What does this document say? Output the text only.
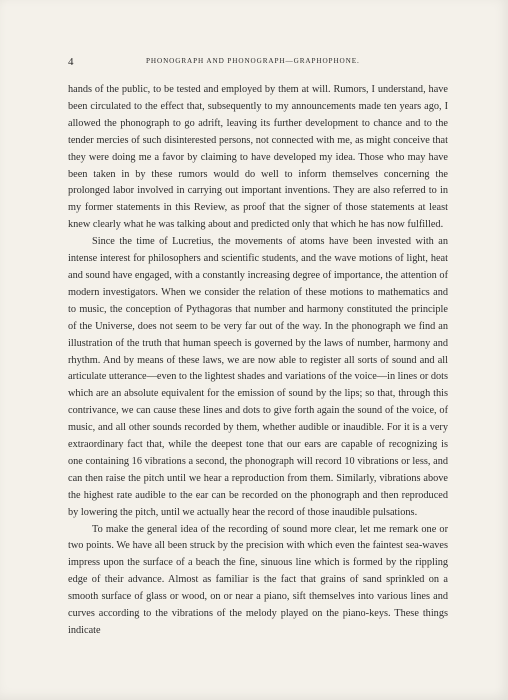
4	PHONOGRAPH AND PHONOGRAPH—GRAPHOPHONE.

hands of the public, to be tested and employed by them at will. Rumors, I understand, have been circulated to the effect that, subsequently to my announcements made ten years ago, I allowed the phonograph to go adrift, leaving its further development to chance and to the tender mercies of such disinterested persons, not connected with me, as might conceive that they were doing me a favor by claiming to have developed my idea. Those who may have been taken in by these rumors would do well to inform themselves concerning the prolonged labor involved in carrying out important inventions. They are also referred to in my former statements in this Review, as proof that the signer of those statements at least knew clearly what he was talking about and predicted only that which he has now fulfilled.

Since the time of Lucretius, the movements of atoms have been invested with an intense interest for philosophers and scientific students, and the wave motions of light, heat and sound have engaged, with a constantly increasing degree of importance, the attention of modern investigators. When we consider the relation of these motions to mathematics and to music, the conception of Pythagoras that number and harmony constituted the principle of the Universe, does not seem to be very far out of the way. In the phonograph we find an illustration of the truth that human speech is governed by the laws of number, harmony and rhythm. And by means of these laws, we are now able to register all sorts of sound and all articulate utterance—even to the lightest shades and variations of the voice—in lines or dots which are an absolute equivalent for the emission of sound by the lips; so that, through this contrivance, we can cause these lines and dots to give forth again the sound of the voice, of music, and all other sounds recorded by them, whether audible or inaudible. For it is a very extraordinary fact that, while the deepest tone that our ears are capable of recognizing is one containing 16 vibrations a second, the phonograph will record 10 vibrations or less, and can then raise the pitch until we hear a reproduction from them. Similarly, vibrations above the highest rate audible to the ear can be recorded on the phonograph and then reproduced by lowering the pitch, until we actually hear the record of those inaudible pulsations.

To make the general idea of the recording of sound more clear, let me remark one or two points. We have all been struck by the precision with which even the faintest sea-waves impress upon the surface of a beach the fine, sinuous line which is formed by the rippling edge of their advance. Almost as familiar is the fact that grains of sand sprinkled on a smooth surface of glass or wood, on or near a piano, sift themselves into various lines and curves according to the vibrations of the melody played on the piano-keys. These things indicate
